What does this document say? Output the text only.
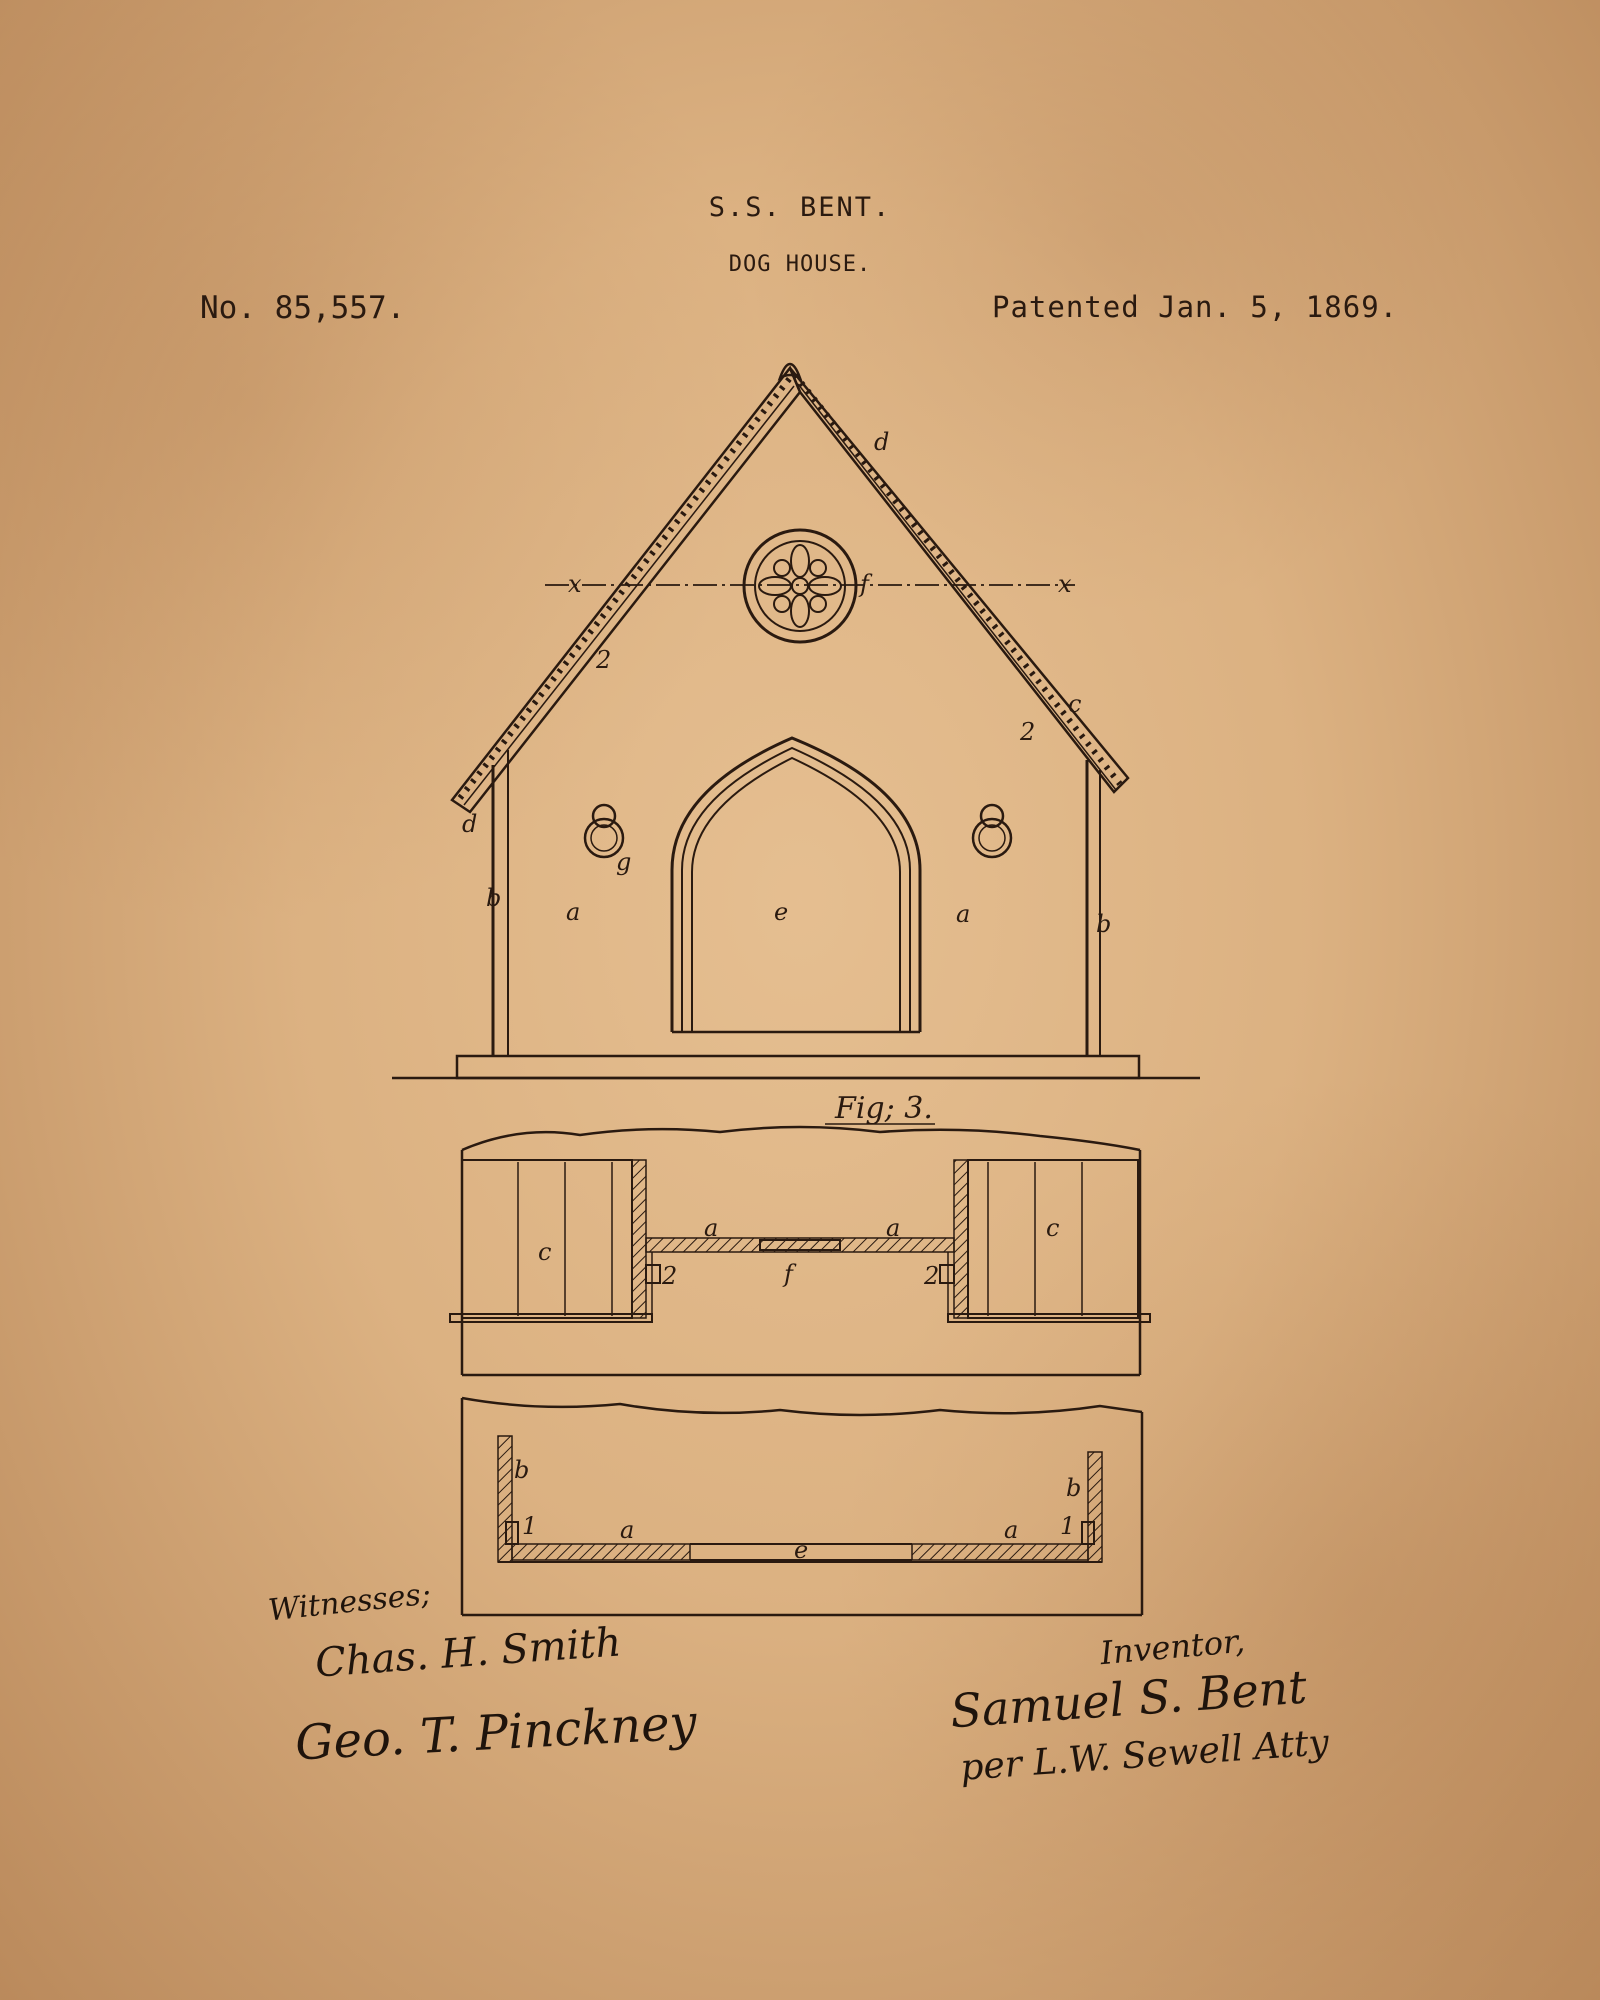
S.S. BENT.
DOG HOUSE.
No. 85,557.	Patented Jan. 5, 1869.
d
x	f	x
2
c
2
d
g
b	a	e	a	b
Fig; 3.
c
c
a	a
f
2	2
b
b
1	1
a	a
e
Witnesses;
Chas. H. Smith
Geo. T. Pinckney
Inventor,
Samuel S. Bent
per L.W. Sewell Atty
